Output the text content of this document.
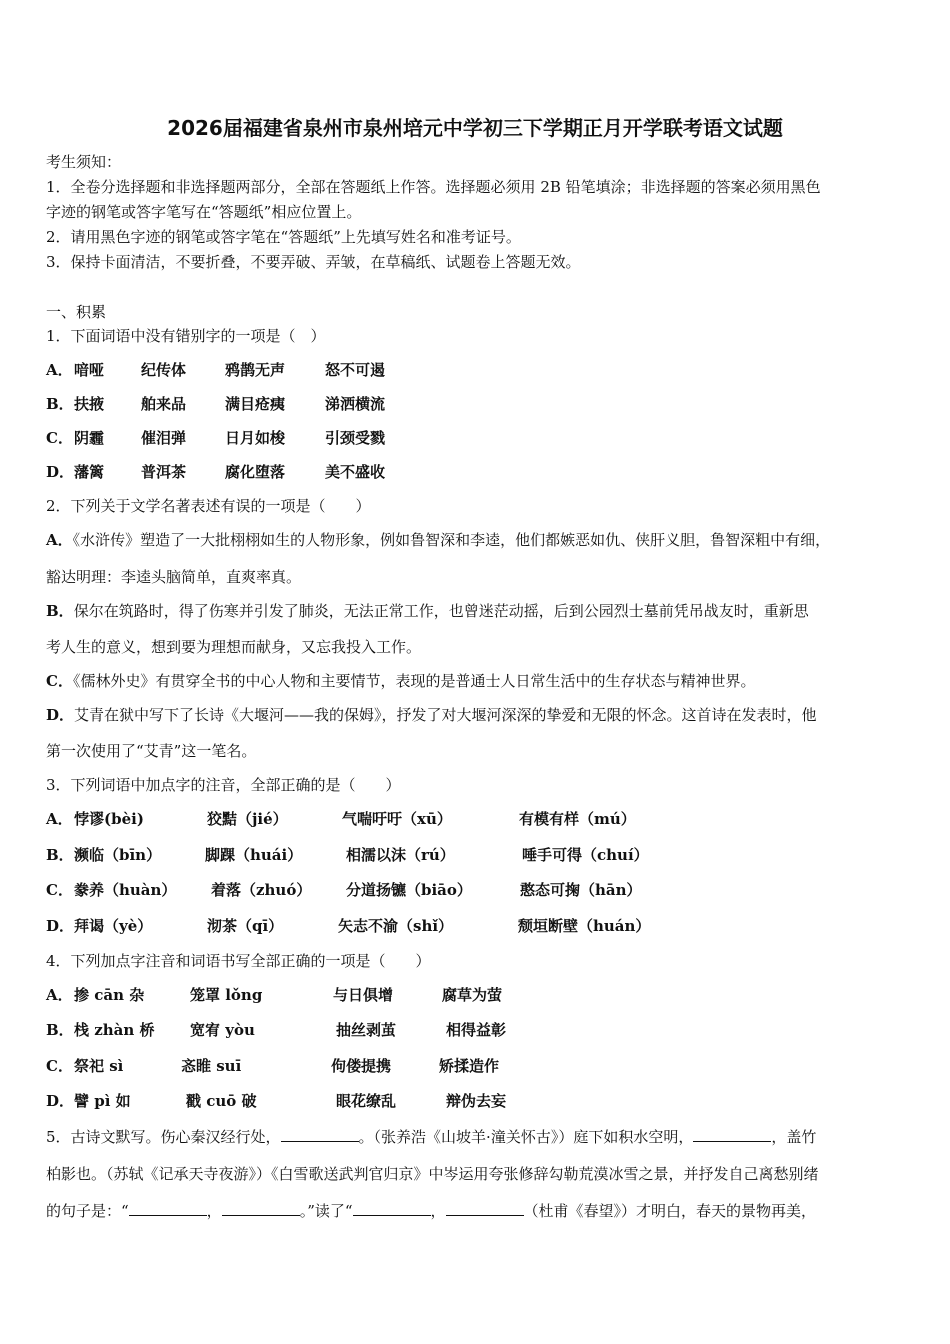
2026届福建省泉州市泉州培元中学初三下学期正月开学联考语文试题
考生须知：
1．全卷分选择题和非选择题两部分，全部在答题纸上作答。选择题必须用 2B 铅笔填涂；非选择题的答案必须用黑色
字迹的钢笔或答字笔写在“答题纸”相应位置上。
2．请用黑色字迹的钢笔或答字笔在“答题纸”上先填写姓名和准考证号。
3．保持卡面清洁，不要折叠，不要弄破、弄皱，在草稿纸、试题卷上答题无效。
一、积累
1．下面词语中没有错别字的一项是（　）
A． 喑哑 纪传体	鸦鹊无声	怒不可遏
B． 扶掖 舶来品	满目疮痍	涕洒横流
C． 阴霾 催泪弹	日月如梭	引颈受戮
D． 藩篱 普洱茶	腐化堕落	美不盛收
2．下列关于文学名著表述有误的一项是（　　）
A．《水浒传》塑造了一大批栩栩如生的人物形象，例如鲁智深和李逵，他们都嫉恶如仇、侠肝义胆，鲁智深粗中有细，
豁达明理：李逵头脑简单，直爽率真。
B．保尔在筑路时，得了伤寒并引发了肺炎，无法正常工作，也曾迷茫动摇，后到公园烈士墓前凭吊战友时，重新思
考人生的意义，想到要为理想而献身，又忘我投入工作。
C．《儒林外史》有贯穿全书的中心人物和主要情节，表现的是普通士人日常生活中的生存状态与精神世界。
D．艾青在狱中写下了长诗《大堰河——我的保姆》，抒发了对大堰河深深的挚爱和无限的怀念。这首诗在发表时，他
第一次使用了“艾青”这一笔名。
3．下列词语中加点字的注音，全部正确的是（　　）
A． 悖谬(bèi)	狡黠（jié）	气喘吁吁（xū）	有模有样（mú）
B． 濒临（bīn）	脚踝（huái）	相濡以沫（rú）	唾手可得（chuí）
C． 豢养（huàn） 着落（zhuó） 分道扬镳（biāo）	憨态可掬（hān）
D． 拜谒（yè）	沏茶（qī）	矢志不渝（shǐ）	颓垣断壁（huán）
4．下列加点字注音和词语书写全部正确的一项是（　　）
A． 掺 cān 杂	笼罩 lǒng	与日俱增	腐草为萤
B． 栈 zhàn 桥 宽宥 yòu	抽丝剥茧	相得益彰
C． 祭祀 sì	忞睢 suī	佝偻提携	矫揉造作
D． 譬 pì 如	戳 cuō 破	眼花缭乱	辩伪去妄
5．古诗文默写。伤心秦汉经行处，	。（张养浩《山坡羊·潼关怀古》）庭下如积水空明，	，盖竹
柏影也。（苏轼《记承天寺夜游》）《白雪歌送武判官归京》中岑运用夸张修辞勾勒荒漠冰雪之景，并抒发自己离愁别绪
的句子是：“	，	。”读了“	，	（杜甫《春望》）才明白，春天的景物再美，
